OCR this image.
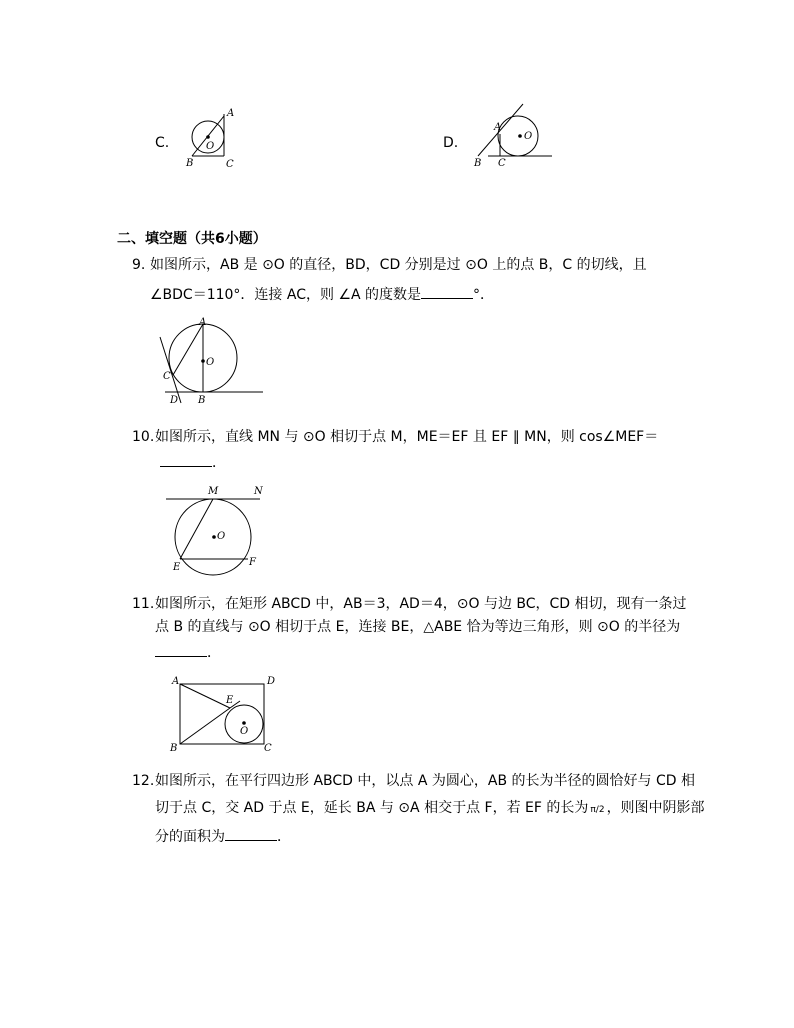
C.
A
O
B	C
D.	O
A
B C
二、填空题（共6小题）
9. 如图所示，AB 是 ⊙O 的直径，BD，CD 分别是过 ⊙O 上的点 B，C 的切线，且
∠BDC＝110°．连接 AC，则 ∠A 的度数是	°．
A
O
C
D B
10. 如图所示，直线 MN 与 ⊙O 相切于点 M，ME＝EF 且 EF ∥ MN，则 cos∠MEF＝
．
M	N
O
E	F
11. 如图所示，在矩形 ABCD 中，AB＝3，AD＝4，⊙O 与边 BC，CD 相切，现有一条过
点 B 的直线与 ⊙O 相切于点 E，连接 BE，△ABE 恰为等边三角形，则 ⊙O 的半径为
．
A	D
E
O
B	C
12. 如图所示，在平行四边形 ABCD 中，以点 A 为圆心，AB 的长为半径的圆恰好与 CD 相
切于点 C，交 AD 于点 E，延长 BA 与 ⊙A 相交于点 F，若 EF 的长为 π/2 ，则图中阴影部
分的面积为	．
